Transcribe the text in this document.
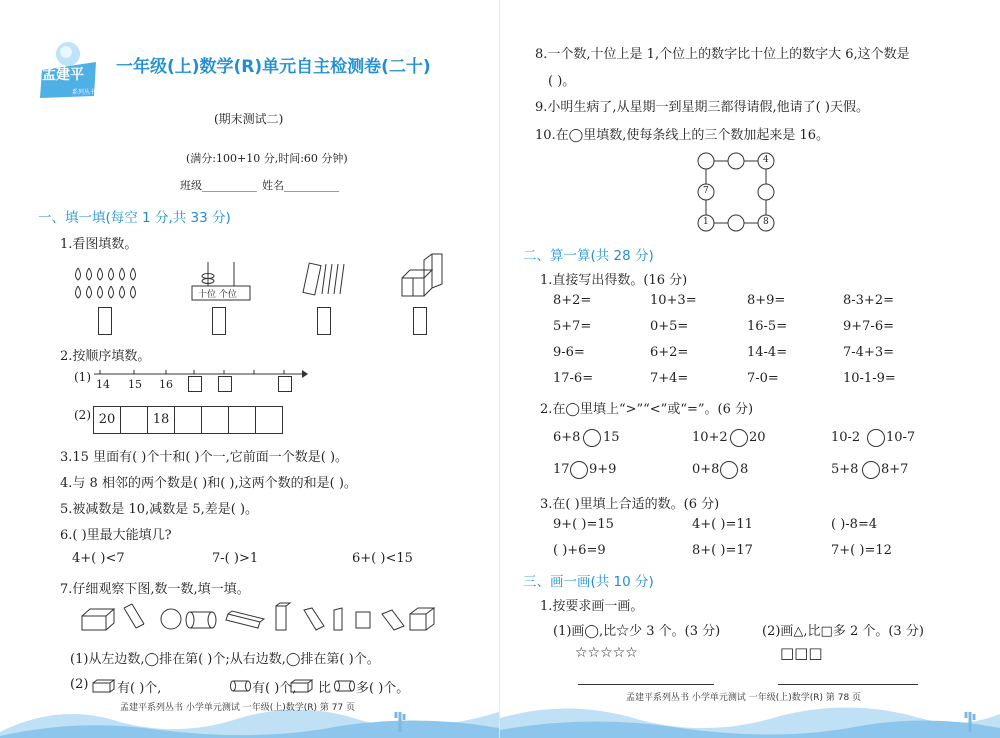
孟建平
系列丛书
一年级(上)数学(R)单元自主检测卷(二十)
(期末测试二)
(满分:100+10 分,时间:60 分钟)
班级__________ 姓名__________
一、填一填(每空 1 分,共 33 分)
1.看图填数。
十位 个位
2.按顺序填数。
(1)
14 15 16
(2) 20	18
3.15 里面有( )个十和( )个一,它前面一个数是( )。
4.与 8 相邻的两个数是( )和( ),这两个数的和是( )。
5.被减数是 10,减数是 5,差是( )。
6.( )里最大能填几?
4+( )<7	7-( )>1	6+( )<15
7.仔细观察下图,数一数,填一填。
(1)从左边数,◯排在第( )个;从右边数,◯排在第( )个。
(2) 有( )个,	有( )个, 比 多( )个。
孟建平系列丛书 小学单元测试 一年级(上)数学(R) 第 77 页
8.一个数,十位上是 1,个位上的数字比十位上的数字大 6,这个数是
( )。
9.小明生病了,从星期一到星期三都得请假,他请了( )天假。
10.在◯里填数,使每条线上的三个数加起来是 16。
4
7
1	8
二、算一算(共 28 分)
1.直接写出得数。(16 分)
8+2=	10+3=	8+9=	8-3+2=
5+7=	0+5=	16-5=	9+7-6=
9-6=	6+2=	14-4=	7-4+3=
17-6=	7+4=	7-0=	10-1-9=
2.在◯里填上“>”“<”或“=”。(6 分)
6+8 15	10+2 20	10-2 10-7
17 9+9	0+8 8	5+8 8+7
3.在( )里填上合适的数。(6 分)
9+( )=15	4+( )=11	( )-8=4
( )+6=9	8+( )=17	7+( )=12
三、画一画(共 10 分)
1.按要求画一画。
(1)画◯,比☆少 3 个。(3 分)	(2)画△,比□多 2 个。(3 分)
☆☆☆☆☆	□□□
孟建平系列丛书 小学单元测试 一年级(上)数学(R) 第 78 页
